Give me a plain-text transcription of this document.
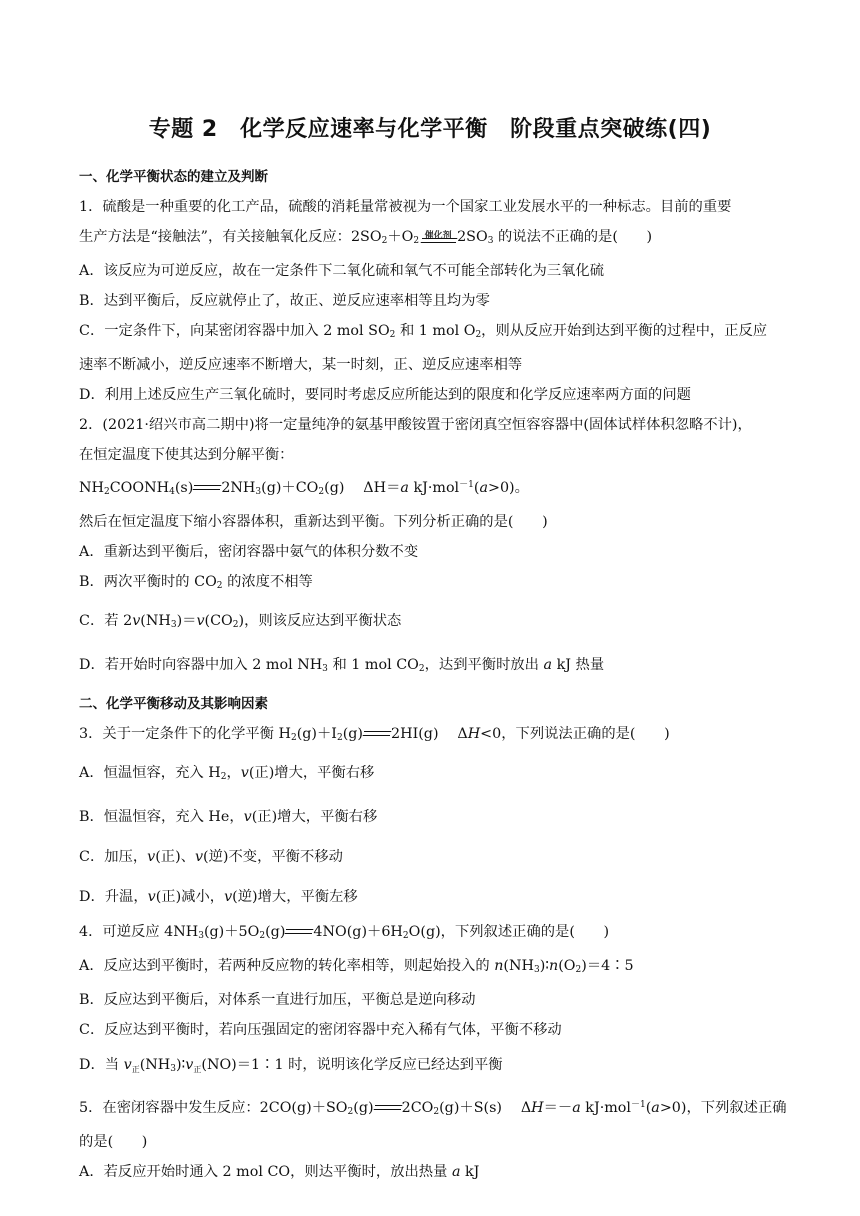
专题 2　化学反应速率与化学平衡　阶段重点突破练(四)
一、化学平衡状态的建立及判断
1．硫酸是一种重要的化工产品，硫酸的消耗量常被视为一个国家工业发展水平的一种标志。目前的重要
生产方法是“接触法”，有关接触氧化反应：$2SO_2+O_2$ 催化剂 $2SO_3$ 的说法不正确的是(　　)
A．该反应为可逆反应，故在一定条件下二氧化硫和氧气不可能全部转化为三氧化硫
B．达到平衡后，反应就停止了，故正、逆反应速率相等且均为零
C．一定条件下，向某密闭容器中加入 2 mol $SO_2$ 和 1 mol $O_2$，则从反应开始到达到平衡的过程中，正反应
速率不断减小，逆反应速率不断增大，某一时刻，正、逆反应速率相等
D．利用上述反应生产三氧化硫时，要同时考虑反应所能达到的限度和化学反应速率两方面的问题
2．(2021·绍兴市高二期中)将一定量纯净的氨基甲酸铵置于密闭真空恒容容器中(固体试样体积忽略不计)，
在恒定温度下使其达到分解平衡：
$NH_2COONH_4(s)$ $2NH_3(g)+CO_2(g)$　 ΔH＝a kJ·mol$^{-1}$(a>0)。
然后在恒定温度下缩小容器体积，重新达到平衡。下列分析正确的是(　　)
A．重新达到平衡后，密闭容器中氨气的体积分数不变
B．两次平衡时的 $CO_2$ 的浓度不相等
C．若 $2v(NH_3)=v(CO_2)$，则该反应达到平衡状态
D．若开始时向容器中加入 2 mol $NH_3$ 和 1 mol $CO_2$，达到平衡时放出 a kJ 热量
二、化学平衡移动及其影响因素
3．关于一定条件下的化学平衡 $H_2(g)+I_2(g)$ 2HI(g)　 ΔH<0，下列说法正确的是(　　)
A．恒温恒容，充入 $H_2$，v(正)增大，平衡右移
B．恒温恒容，充入 He，v(正)增大，平衡右移
C．加压，v(正)、v(逆)不变，平衡不移动
D．升温，v(正)减小，v(逆)增大，平衡左移
4．可逆反应 $4NH_3(g)+5O_2(g)$ $4NO(g)+6H_2O(g)$，下列叙述正确的是(　　)
A．反应达到平衡时，若两种反应物的转化率相等，则起始投入的 $n(NH_3)∶n(O_2)=4∶5$
B．反应达到平衡后，对体系一直进行加压，平衡总是逆向移动
C．反应达到平衡时，若向压强固定的密闭容器中充入稀有气体，平衡不移动
D．当 $v_正(NH_3)∶v_正(NO)=1∶1$ 时，说明该化学反应已经达到平衡
5．在密闭容器中发生反应：$2CO(g)+SO_2(g)$ $2CO_2(g)+S(s)$　 ΔH＝－a kJ·mol$^{-1}$(a>0)，下列叙述正确
的是(　　)
A．若反应开始时通入 2 mol CO，则达平衡时，放出热量 a kJ
